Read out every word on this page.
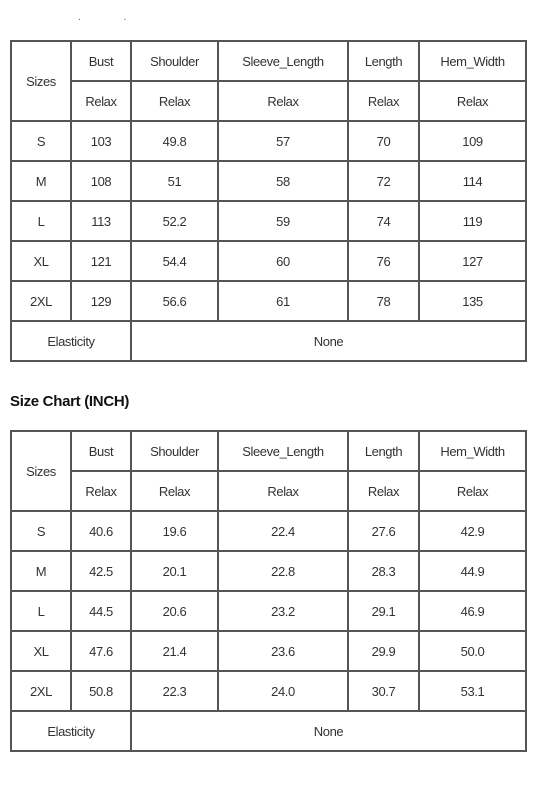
. .
Sizes	Bust	Shoulder	Sleeve_Length	Length	Hem_Width
	Relax	Relax	Relax	Relax	Relax
S	103	49.8	57	70	109
M	108	51	58	72	114
L	113	52.2	59	74	119
XL	121	54.4	60	76	127
2XL	129	56.6	61	78	135
Elasticity		None			
Size Chart (INCH)
Sizes	Bust	Shoulder	Sleeve_Length	Length	Hem_Width
	Relax	Relax	Relax	Relax	Relax
S	40.6	19.6	22.4	27.6	42.9
M	42.5	20.1	22.8	28.3	44.9
L	44.5	20.6	23.2	29.1	46.9
XL	47.6	21.4	23.6	29.9	50.0
2XL	50.8	22.3	24.0	30.7	53.1
Elasticity		None			
